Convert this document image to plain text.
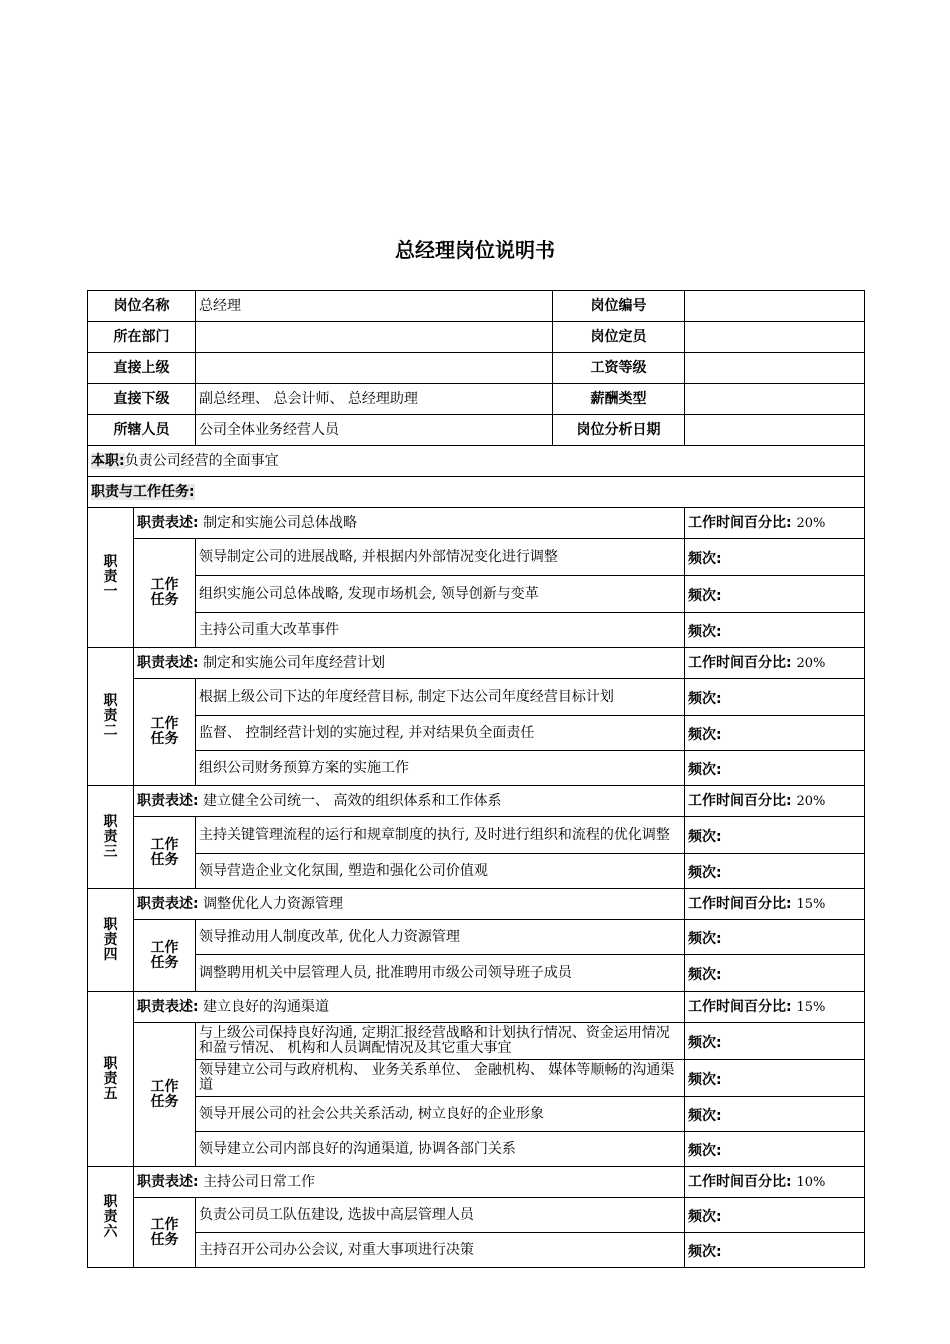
总经理岗位说明书
岗位名称		总经理	岗位编号	
所在部门			岗位定员	
直接上级			工资等级	
直接下级		副总经理、 总会计师、 总经理助理	薪酬类型	
所辖人员		公司全体业务经营人员	岗位分析日期	
本职:负责公司经营的全面事宜				
职责与工作任务:				

职
责
一	职责表述: 制定和实施公司总体战略			工作时间百分比: 20%

	工作
任务	领导制定公司的进展战略, 并根据内外部情况变化进行调整		频次:
		组织实施公司总体战略, 发现市场机会, 领导创新与变革		频次:
		主持公司重大改革事件		频次:

职
责
二	职责表述: 制定和实施公司年度经营计划			工作时间百分比: 20%

	工作
任务	根据上级公司下达的年度经营目标, 制定下达公司年度经营目标计划		频次:
		监督、 控制经营计划的实施过程, 并对结果负全面责任		频次:
		组织公司财务预算方案的实施工作		频次:

职
责
三	职责表述: 建立健全公司统一、 高效的组织体系和工作体系			工作时间百分比: 20%

	工作
任务	主持关键管理流程的运行和规章制度的执行, 及时进行组织和流程的优化调整		频次:
		领导营造企业文化氛围, 塑造和强化公司价值观		频次:

职
责
四	职责表述: 调整优化人力资源管理			工作时间百分比: 15%

	工作
任务	领导推动用人制度改革, 优化人力资源管理		频次:
		调整聘用机关中层管理人员, 批准聘用市级公司领导班子成员		频次:

职
责
五	职责表述: 建立良好的沟通渠道			工作时间百分比: 15%

	工作
任务	与上级公司保持良好沟通, 定期汇报经营战略和计划执行情况、资金运用情况和盈亏情况、 机构和人员调配情况及其它重大事宜		频次:
		领导建立公司与政府机构、 业务关系单位、 金融机构、 媒体等顺畅的沟通渠道		频次:
		领导开展公司的社会公共关系活动, 树立良好的企业形象		频次:
		领导建立公司内部良好的沟通渠道, 协调各部门关系		频次:

职
责
六	职责表述: 主持公司日常工作			工作时间百分比: 10%

	工作
任务	负责公司员工队伍建设, 选拔中高层管理人员		频次:
		主持召开公司办公会议, 对重大事项进行决策		频次:
